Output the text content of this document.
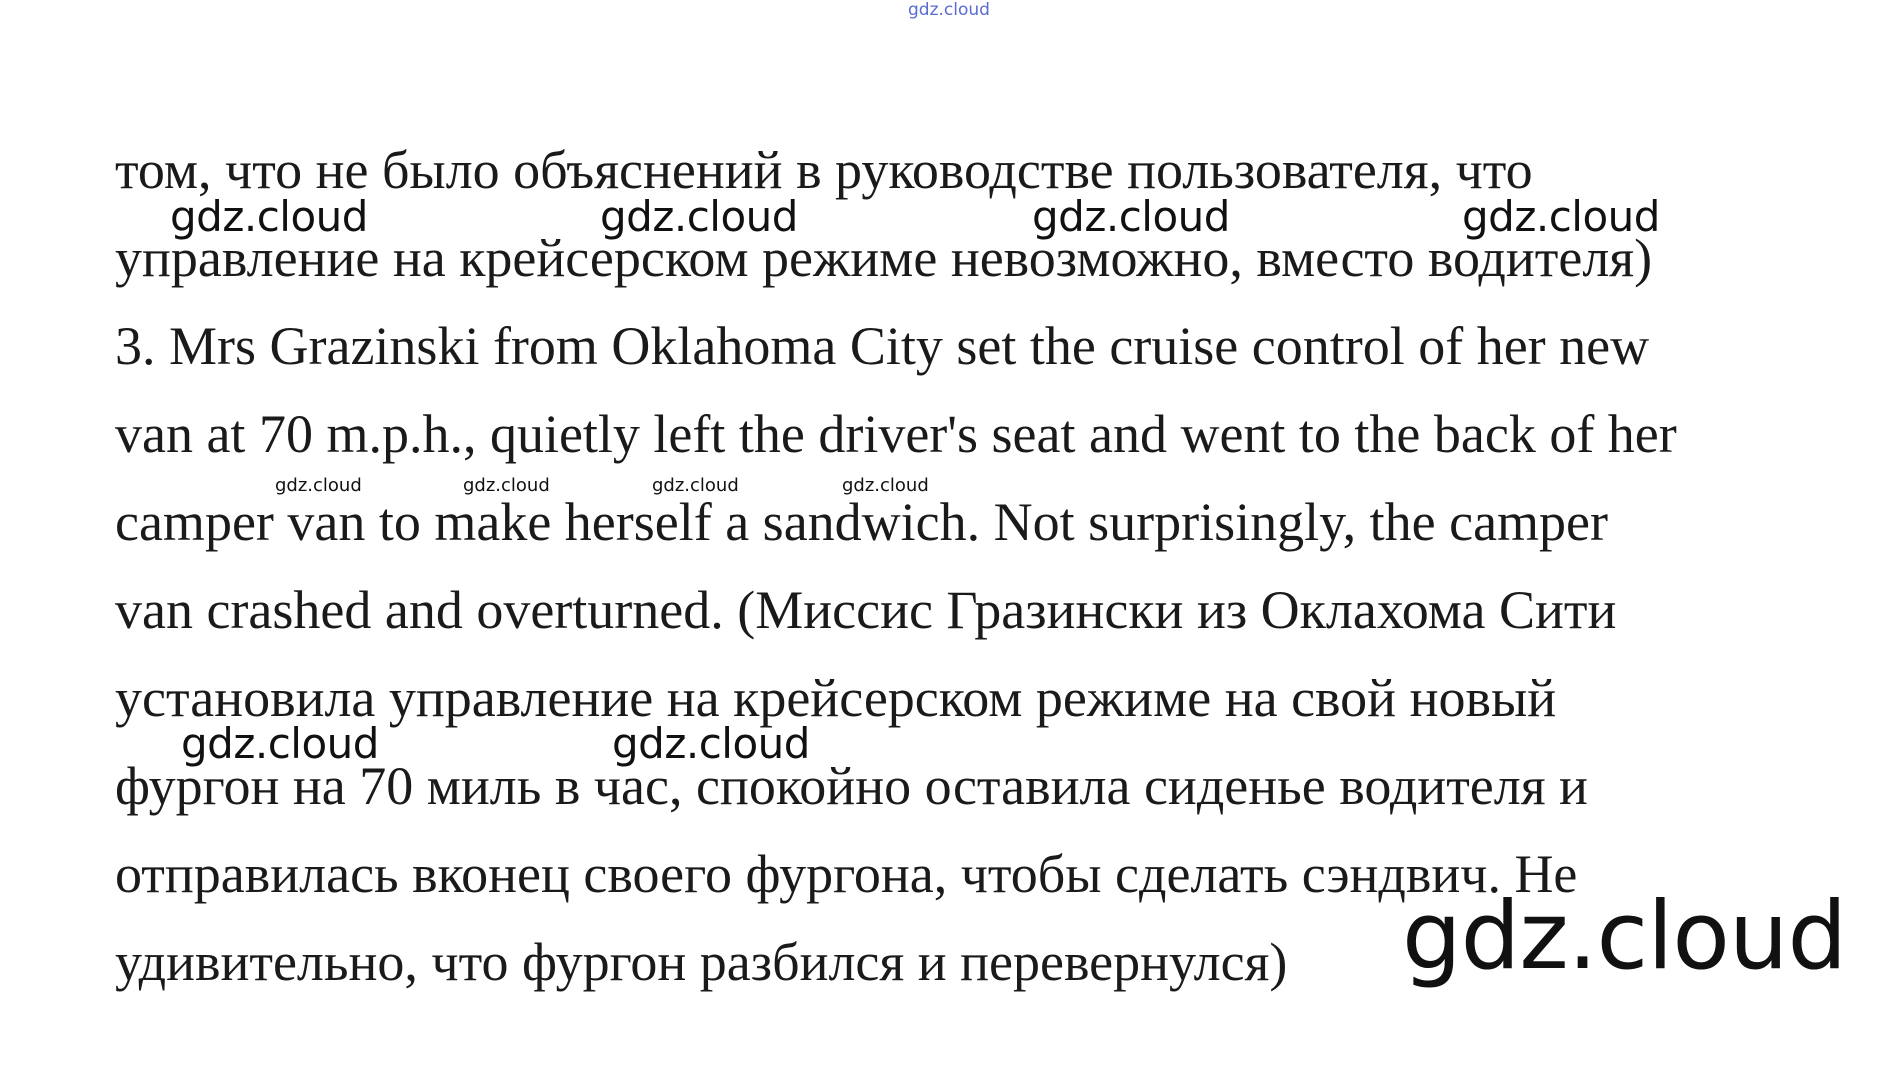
gdz.cloud
том, что не было объяснений в руководстве пользователя, что
управление на крейсерском режиме невозможно, вместо водителя)
3. Mrs Grazinski from Oklahoma City set the cruise control of her new
van at 70 m.p.h., quietly left the driver's seat and went to the back of her
camper van to make herself a sandwich. Not surprisingly, the camper
van crashed and overturned. (Миссис Гразински из Оклахома Сити
установила управление на крейсерском режиме на свой новый
фургон на 70 миль в час, спокойно оставила сиденье водителя и
отправилась вконец своего фургона, чтобы сделать сэндвич. Не
удивительно, что фургон разбился и перевернулся)
gdz.cloud	gdz.cloud	gdz.cloud	gdz.cloud
gdz.cloud	gdz.cloud	gdz.cloud	gdz.cloud
gdz.cloud	gdz.cloud
gdz.cloud
